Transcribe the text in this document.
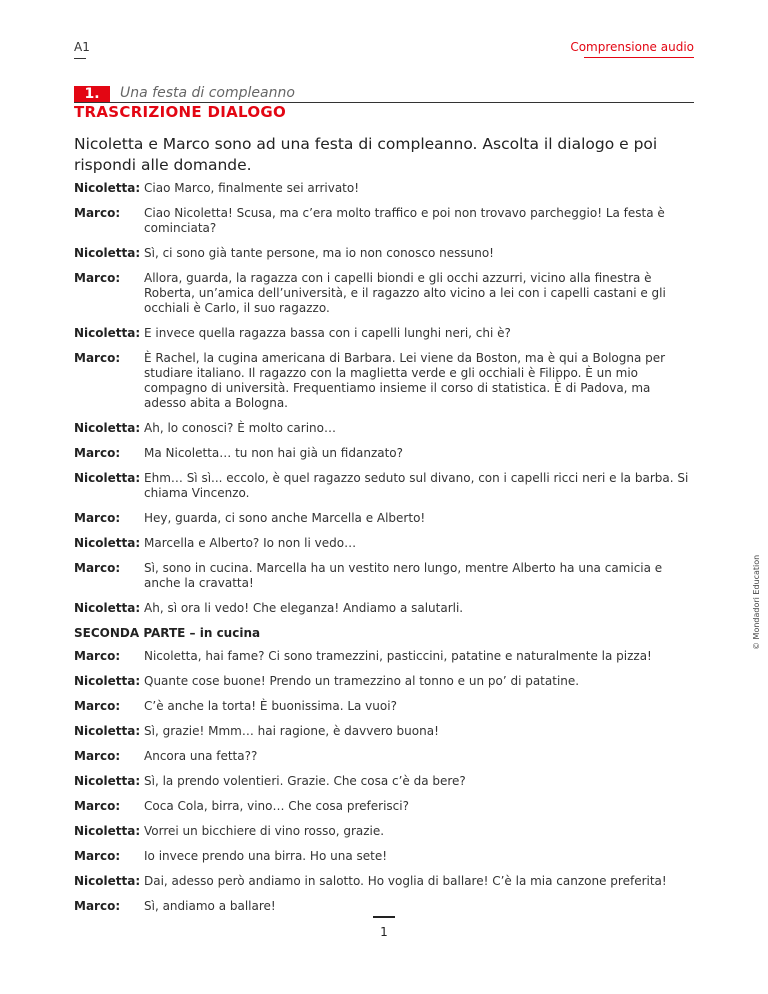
A1	Comprensione audio
1.	Una festa di compleanno
TRASCRIZIONE DIALOGO
Nicoletta e Marco sono ad una festa di compleanno. Ascolta il dialogo e poi rispondi alle domande.
Nicoletta: Ciao Marco, finalmente sei arrivato!
Marco:	Ciao Nicoletta! Scusa, ma c’era molto traffico e poi non trovavo parcheggio! La festa è cominciata?
Nicoletta: Sì, ci sono già tante persone, ma io non conosco nessuno!
Marco:	Allora, guarda, la ragazza con i capelli biondi e gli occhi azzurri, vicino alla finestra è Roberta, un’amica dell’università, e il ragazzo alto vicino a lei con i capelli castani e gli occhiali è Carlo, il suo ragazzo.
Nicoletta: E invece quella ragazza bassa con i capelli lunghi neri, chi è?
Marco:	È Rachel, la cugina americana di Barbara. Lei viene da Boston, ma è qui a Bologna per studiare italiano. Il ragazzo con la maglietta verde e gli occhiali è Filippo. È un mio compagno di università. Frequentiamo insieme il corso di statistica. È di Padova, ma adesso abita a Bologna.
Nicoletta: Ah, lo conosci? È molto carino…
Marco:	Ma Nicoletta… tu non hai già un fidanzato?
Nicoletta: Ehm… Sì sì... eccolo, è quel ragazzo seduto sul divano, con i capelli ricci neri e la barba. Si chiama Vincenzo.
Marco:	Hey, guarda, ci sono anche Marcella e Alberto!
Nicoletta: Marcella e Alberto? Io non li vedo…
Marco:	Sì, sono in cucina. Marcella ha un vestito nero lungo, mentre Alberto ha una camicia e anche la cravatta!
Nicoletta: Ah, sì ora li vedo! Che eleganza! Andiamo a salutarli.
SECONDA PARTE – in cucina
Marco:	Nicoletta, hai fame? Ci sono tramezzini, pasticcini, patatine e naturalmente la pizza!
Nicoletta: Quante cose buone! Prendo un tramezzino al tonno e un po’ di patatine.
Marco:	C’è anche la torta! È buonissima. La vuoi?
Nicoletta: Sì, grazie! Mmm… hai ragione, è davvero buona!
Marco:	Ancora una fetta??
Nicoletta: Sì, la prendo volentieri. Grazie. Che cosa c’è da bere?
Marco:	Coca Cola, birra, vino… Che cosa preferisci?
Nicoletta: Vorrei un bicchiere di vino rosso, grazie.
Marco:	Io invece prendo una birra. Ho una sete!
Nicoletta: Dai, adesso però andiamo in salotto. Ho voglia di ballare! C’è la mia canzone preferita!
Marco:	Sì, andiamo a ballare!
© Mondadori Education
1
